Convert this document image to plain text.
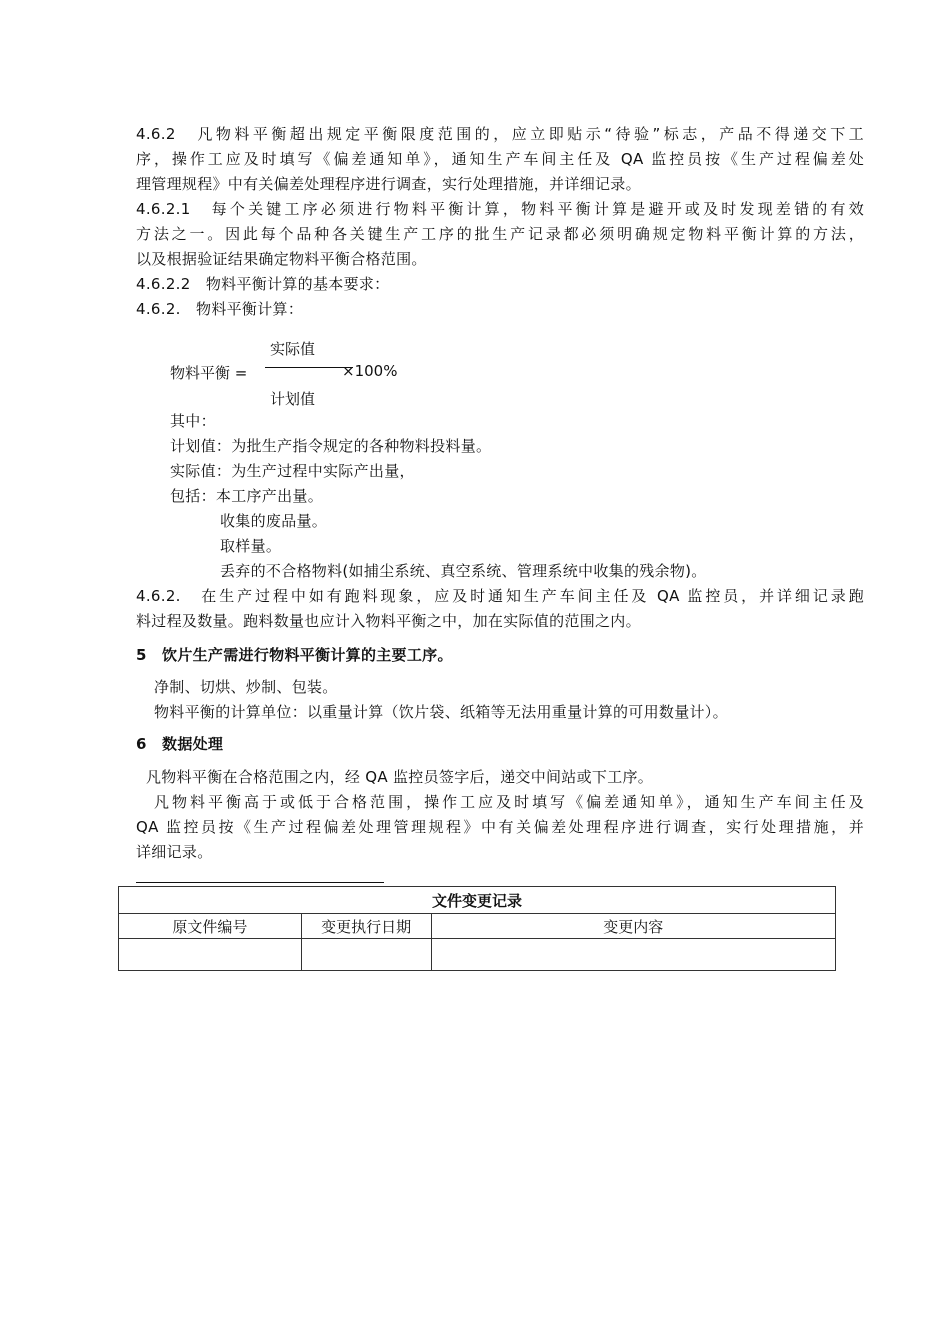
4.6.2　凡物料平衡超出规定平衡限度范围的，应立即贴示“待验”标志，产品不得递交下工
序，操作工应及时填写《偏差通知单》，通知生产车间主任及 QA 监控员按《生产过程偏差处
理管理规程》中有关偏差处理程序进行调查，实行处理措施，并详细记录。
4.6.2.1　每个关键工序必须进行物料平衡计算，物料平衡计算是避开或及时发现差错的有效
方法之一。因此每个品种各关键生产工序的批生产记录都必须明确规定物料平衡计算的方法，
以及根据验证结果确定物料平衡合格范围。
4.6.2.2　物料平衡计算的基本要求：
4.6.2.　物料平衡计算：
物料平衡 =
实际值
×100%
计划值
其中：
计划值：为批生产指令规定的各种物料投料量。
实际值：为生产过程中实际产出量，
包括：本工序产出量。
收集的废品量。
取样量。
丢弃的不合格物料(如捕尘系统、真空系统、管理系统中收集的残余物)。
4.6.2.　在生产过程中如有跑料现象，应及时通知生产车间主任及 QA 监控员，并详细记录跑
料过程及数量。跑料数量也应计入物料平衡之中，加在实际值的范围之内。
5　饮片生产需进行物料平衡计算的主要工序。
净制、切烘、炒制、包装。
物料平衡的计算单位：以重量计算（饮片袋、纸箱等无法用重量计算的可用数量计）。
6　数据处理
凡物料平衡在合格范围之内，经 QA 监控员签字后，递交中间站或下工序。
凡物料平衡高于或低于合格范围，操作工应及时填写《偏差通知单》，通知生产车间主任及
QA 监控员按《生产过程偏差处理管理规程》中有关偏差处理程序进行调查，实行处理措施，并
详细记录。
文件变更记录		
原文件编号	变更执行日期	变更内容
